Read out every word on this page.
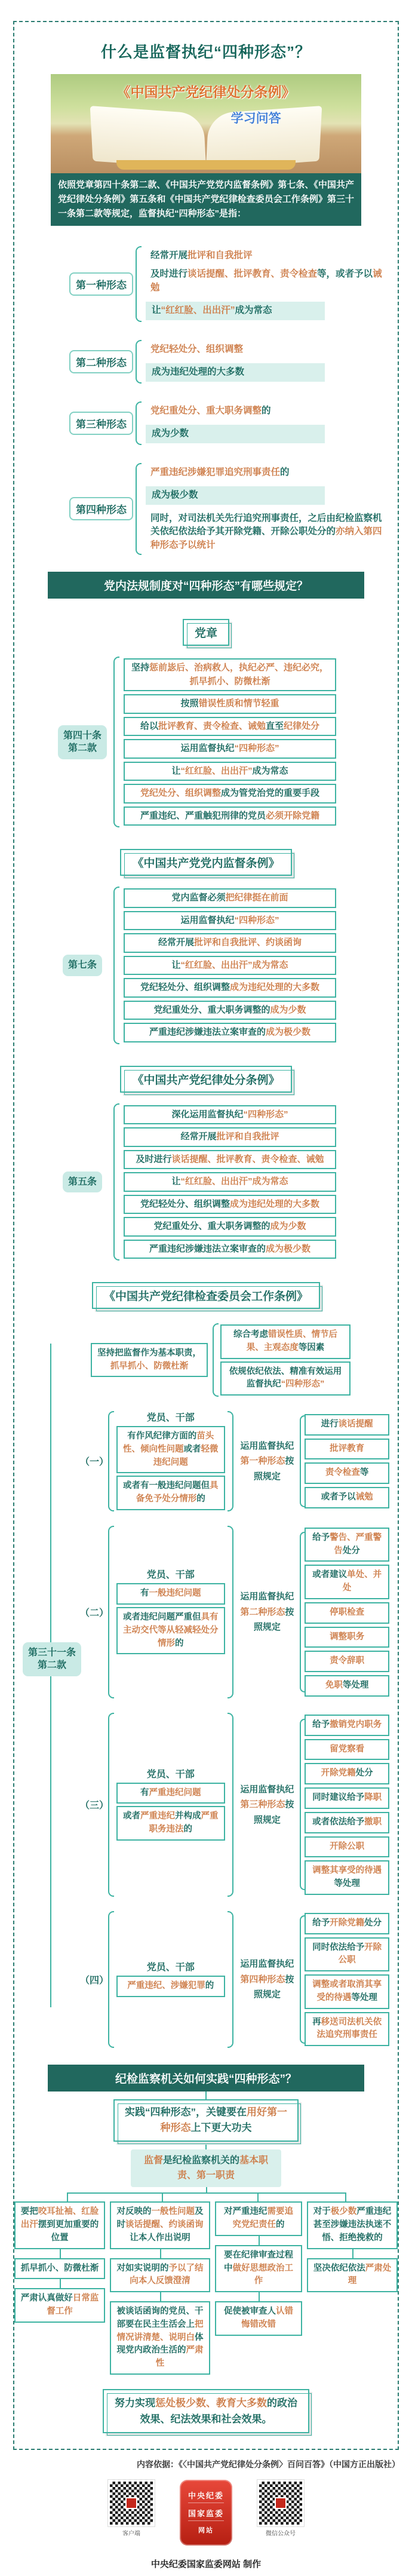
什么是监督执纪“四种形态”？
《中国共产党纪律处分条例》
学习问答
依照党章第四十条第二款、《中国共产党党内监督条例》第七条、《中国共产党纪律处分条例》第五条和《中国共产党纪律检查委员会工作条例》第三十一条第二款等规定，监督执纪“四种形态”是指：
第一种形态
经常开展批评和自我批评
及时进行谈话提醒、批评教育、责令检查等，或者予以诫勉
让“红红脸、出出汗”成为常态
第二种形态
党纪轻处分、组织调整
成为违纪处理的大多数
第三种形态
党纪重处分、重大职务调整的
成为少数
第四种形态
严重违纪涉嫌犯罪追究刑事责任的
成为极少数
同时，对司法机关先行追究刑事责任，之后由纪检监察机关依纪依法给予其开除党籍、开除公职处分的亦纳入第四种形态予以统计
党内法规制度对“四种形态”有哪些规定？
党章
第四十条
第二款
坚持惩前毖后、治病救人，执纪必严、违纪必究，抓早抓小、防微杜渐
按照错误性质和情节轻重
给以批评教育、责令检查、诫勉直至纪律处分
运用监督执纪“四种形态”
让“红红脸、出出汗”成为常态
党纪处分、组织调整成为管党治党的重要手段
严重违纪、严重触犯刑律的党员必须开除党籍
《中国共产党党内监督条例》
第七条
党内监督必须把纪律挺在前面
运用监督执纪“四种形态”
经常开展批评和自我批评、约谈函询
让“红红脸、出出汗”成为常态
党纪轻处分、组织调整成为违纪处理的大多数
党纪重处分、重大职务调整的成为少数
严重违纪涉嫌违法立案审查的成为极少数
《中国共产党纪律处分条例》
第五条
深化运用监督执纪“四种形态”
经常开展批评和自我批评
及时进行谈话提醒、批评教育、责令检查、诫勉
让“红红脸、出出汗”成为常态
党纪轻处分、组织调整成为违纪处理的大多数
党纪重处分、重大职务调整的成为少数
严重违纪涉嫌违法立案审查的成为极少数
《中国共产党纪律检查委员会工作条例》
第三十一条
第二款
坚持把监督作为基本职责，抓早抓小、防微杜渐
综合考虑错误性质、情节后果、主观态度等因素
依规依纪依法、精准有效运用监督执纪“四种形态”
（一）
党员、干部
有作风纪律方面的苗头性、倾向性问题或者轻微违纪问题
或者有一般违纪问题但具备免予处分情形的
运用监督执纪第一种形态按照规定
进行谈话提醒
批评教育
责令检查等
或者予以诫勉
（二）
党员、干部
有一般违纪问题
或者违纪问题严重但具有主动交代等从轻减轻处分情形的
运用监督执纪第二种形态按照规定
给予警告、严重警告处分
或者建议单处、并处
停职检查
调整职务
责令辞职
免职等处理
（三）
党员、干部
有严重违纪问题
或者严重违纪并构成严重职务违法的
运用监督执纪第三种形态按照规定
给予撤销党内职务
留党察看
开除党籍处分
同时建议给予降职
或者依法给予撤职
开除公职
调整其享受的待遇等处理
（四）
党员、干部
严重违纪、涉嫌犯罪的
运用监督执纪第四种形态按照规定
给予开除党籍处分
同时依法给予开除公职
调整或者取消其享受的待遇等处理
再移送司法机关依法追究刑事责任
纪检监察机关如何实践“四种形态”？
实践“四种形态”，关键要在用好第一种形态上下更大功夫
监督是纪检监察机关的基本职责、第一职责
要把咬耳扯袖、红脸出汗摆到更加重要的位置
抓早抓小、防微杜渐
严肃认真做好日常监督工作
对反映的一般性问题及时谈话提醒、约谈函询让本人作出说明
对如实说明的予以了结向本人反馈澄清
被谈话函询的党员、干部要在民主生活会上把情况讲清楚、说明白体现党内政治生活的严肃性
对严重违纪需要追究党纪责任的
要在纪律审查过程中做好思想政治工作
促使被审查人认错悔错改错
对于极少数严重违纪甚至涉嫌违法执迷不悟、拒绝挽救的
坚决依纪依法严肃处理
努力实现惩处极少数、教育大多数的政治效果、纪法效果和社会效果。
内容依据：《〈中国共产党纪律处分条例〉百问百答》（中国方正出版社）
客户端
中央纪委
国家监委
网站	微信公众号
中央纪委国家监委网站 制作
